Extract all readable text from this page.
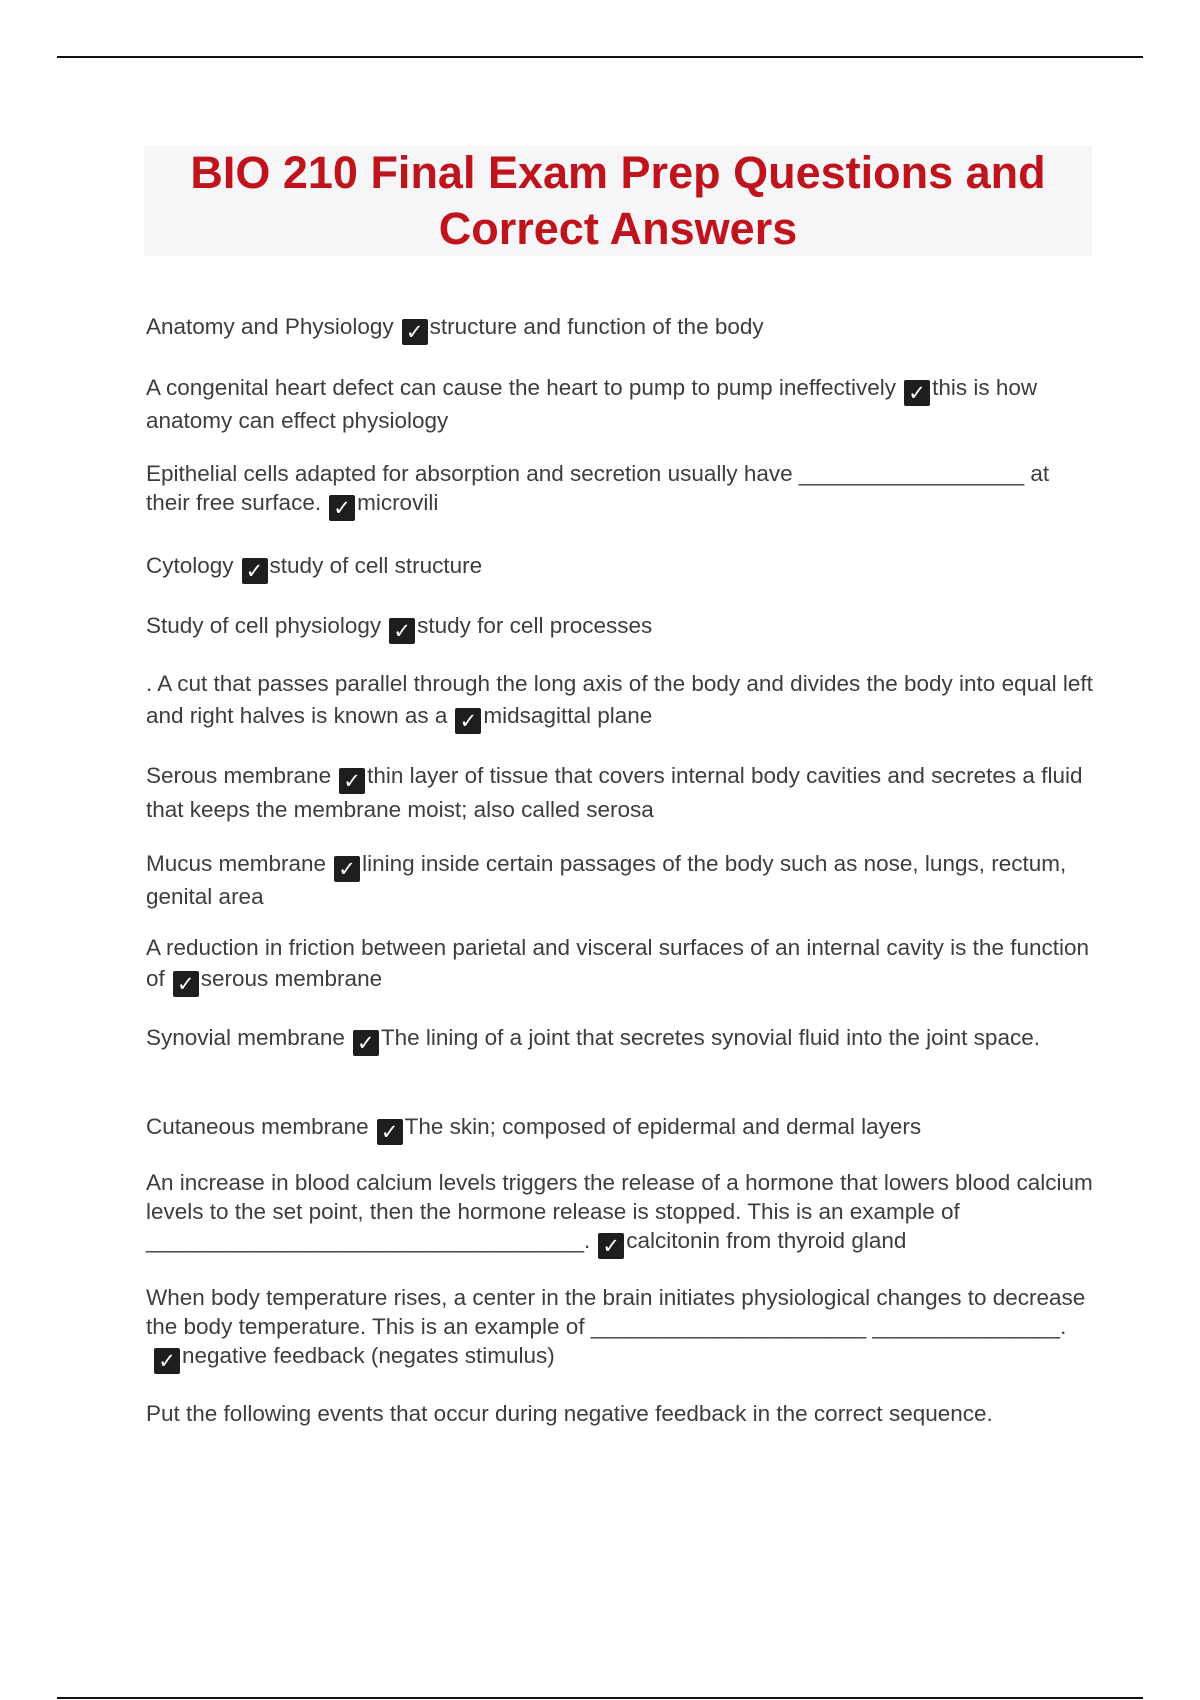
BIO 210 Final Exam Prep Questions and Correct Answers

Anatomy and Physiology ✓ structure and function of the body

A congenital heart defect can cause the heart to pump to pump ineffectively ✓ this is how anatomy can effect physiology

Epithelial cells adapted for absorption and secretion usually have __________________ at their free surface. ✓ microvili

Cytology ✓ study of cell structure

Study of cell physiology ✓ study for cell processes

. A cut that passes parallel through the long axis of the body and divides the body into equal left and right halves is known as a ✓ midsagittal plane

Serous membrane ✓ thin layer of tissue that covers internal body cavities and secretes a fluid that keeps the membrane moist; also called serosa

Mucus membrane ✓ lining inside certain passages of the body such as nose, lungs, rectum, genital area

A reduction in friction between parietal and visceral surfaces of an internal cavity is the function of ✓ serous membrane

Synovial membrane ✓ The lining of a joint that secretes synovial fluid into the joint space.

Cutaneous membrane ✓ The skin; composed of epidermal and dermal layers

An increase in blood calcium levels triggers the release of a hormone that lowers blood calcium levels to the set point, then the hormone release is stopped. This is an example of ___________________________________. ✓ calcitonin from thyroid gland

When body temperature rises, a center in the brain initiates physiological changes to decrease the body temperature. This is an example of ______________________ _______________.✓ negative feedback (negates stimulus)

Put the following events that occur during negative feedback in the correct sequence.
